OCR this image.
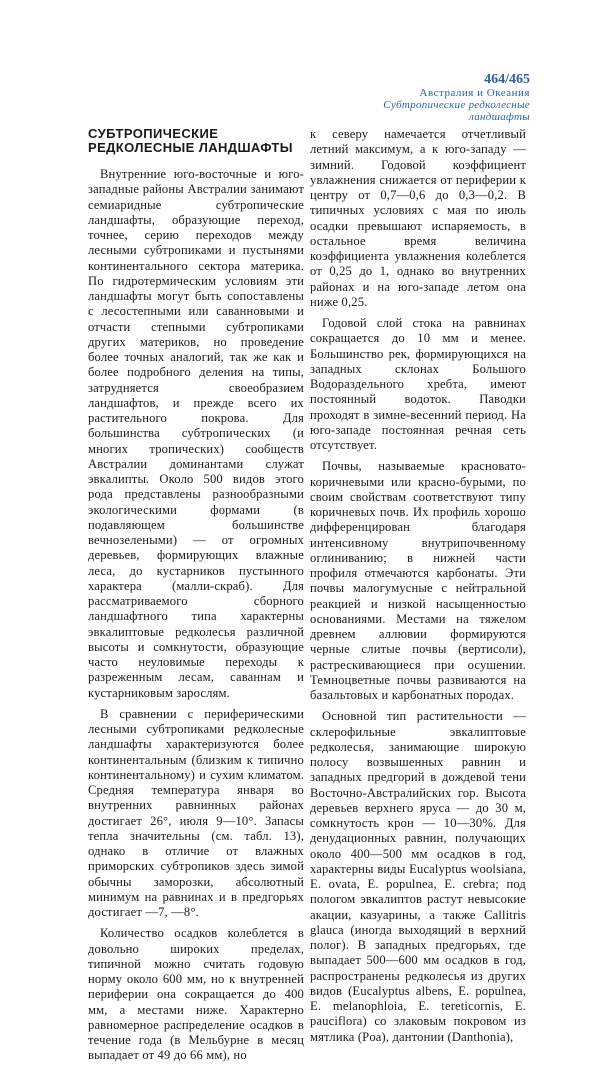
464/465
Австралия и Океания
Субтропические редколесные
ландшафты
СУБТРОПИЧЕСКИЕ
РЕДКОЛЕСНЫЕ ЛАНДШАФТЫ

Внутренние юго-восточные и юго-западные районы Австралии занимают семиаридные субтропические ландшафты, образующие переход, точнее, серию переходов между лесными субтропиками и пустынями континентального сектора материка. По гидротермическим условиям эти ландшафты могут быть сопоставлены с лесостепными или саванновыми и отчасти степными субтропиками других материков, но проведение более точных аналогий, так же как и более подробного деления на типы, затрудняется своеобразием ландшафтов, и прежде всего их растительного покрова. Для большинства субтропических (и многих тропических) сообществ Австралии доминантами служат эвкалипты. Около 500 видов этого рода представлены разнообразными экологическими формами (в подавляющем большинстве вечнозелеными) — от огромных деревьев, формирующих влажные леса, до кустарников пустынного характера (малли-скраб). Для рассматриваемого сборного ландшафтного типа характерны эвкалиптовые редколесья различной высоты и сомкнутости, образующие часто неуловимые переходы к разреженным лесам, саваннам и кустарниковым зарослям.

В сравнении с периферическими лесными субтропиками редколесные ландшафты характеризуются более континентальным (близким к типично континентальному) и сухим климатом. Средняя температура января во внутренних равнинных районах достигает 26°, июля 9—10°. Запасы тепла значительны (см. табл. 13), однако в отличие от влажных приморских субтропиков здесь зимой обычны заморозки, абсолютный минимум на равнинах и в предгорьях достигает —7, —8°.

Количество осадков колеблется в довольно широких пределах, типичной можно считать годовую норму около 600 мм, но к внутренней периферии она сокращается до 400 мм, а местами ниже. Характерно равномерное распределение осадков в течение года (в Мельбурне в месяц выпадает от 49 до 66 мм), но

к северу намечается отчетливый летний максимум, а к юго-западу — зимний. Годовой коэффициент увлажнения снижается от периферии к центру от 0,7—0,6 до 0,3—0,2. В типичных условиях с мая по июль осадки превышают испаряемость, в остальное время величина коэффициента увлажнения колеблется от 0,25 до 1, однако во внутренних районах и на юго-западе летом она ниже 0,25.

Годовой слой стока на равнинах сокращается до 10 мм и менее. Большинство рек, формирующихся на западных склонах Большого Водораздельного хребта, имеют постоянный водоток. Паводки проходят в зимне-весенний период. На юго-западе постоянная речная сеть отсутствует.

Почвы, называемые красновато-коричневыми или красно-бурыми, по своим свойствам соответствуют типу коричневых почв. Их профиль хорошо дифференцирован благодаря интенсивному внутрипочвенному оглиниванию; в нижней части профиля отмечаются карбонаты. Эти почвы малогумусные с нейтральной реакцией и низкой насыщенностью основаниями. Местами на тяжелом древнем аллювии формируются черные слитые почвы (вертисоли), растрескивающиеся при осушении. Темноцветные почвы развиваются на базальтовых и карбонатных породах.

Основной тип растительности — склерофильные эвкалиптовые редколесья, занимающие широкую полосу возвышенных равнин и западных предгорий в дождевой тени Восточно-Австралийских гор. Высота деревьев верхнего яруса — до 30 м, сомкнутость крон — 10—30%. Для денудационных равнин, получающих около 400—500 мм осадков в год, характерны виды Eucalyptus woolsiana, E. ovata, E. populnea, E. crebra; под пологом эвкалиптов растут невысокие акации, казуарины, а также Callitris glauca (иногда выходящий в верхний полог). В западных предгорьях, где выпадает 500—600 мм осадков в год, распространены редколесья из других видов (Eucalyptus albens, E. populnea, E. melanophloia, E. tereticornis, E. pauciflora) со злаковым покровом из мятлика (Poa), дантонии (Danthonia),
